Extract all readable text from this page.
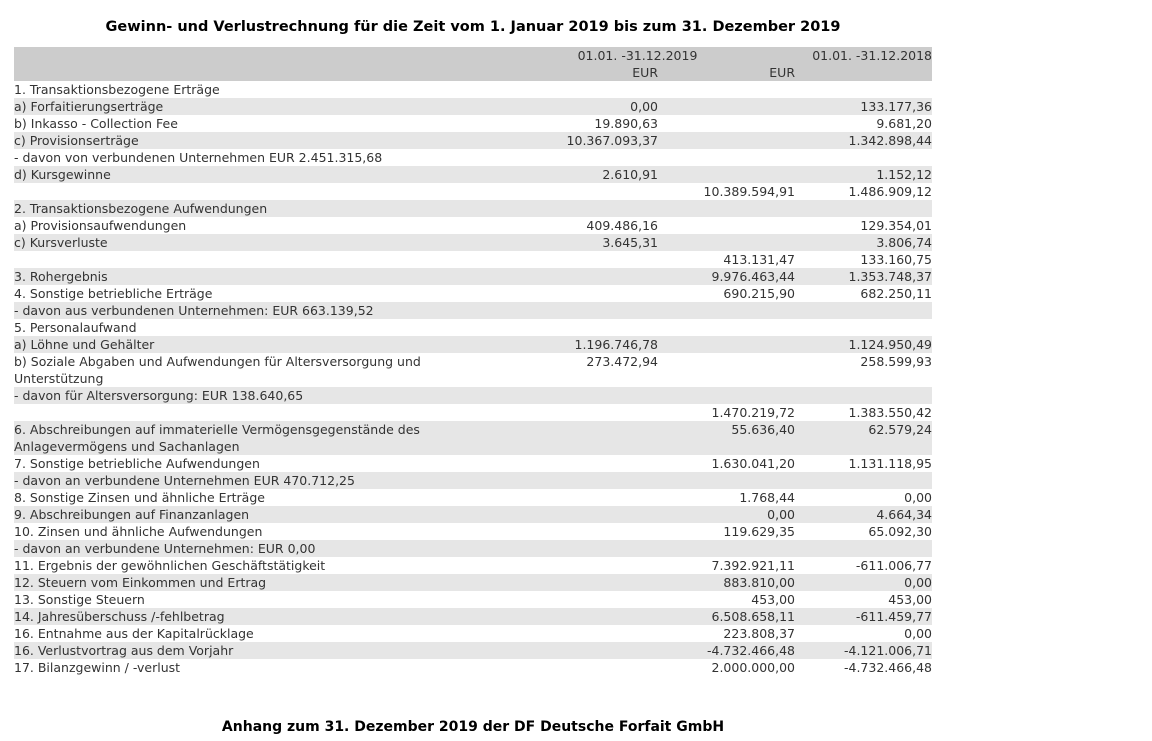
Gewinn- und Verlustrechnung für die Zeit vom 1. Januar 2019 bis zum 31. Dezember 2019
	01.01. -31.12.2019		01.01. -31.12.2018
	EUR	EUR	
1. Transaktionsbezogene Erträge			
a) Forfaitierungserträge	0,00		133.177,36
b) Inkasso - Collection Fee	19.890,63		9.681,20
c) Provisionserträge	10.367.093,37		1.342.898,44
- davon von verbundenen Unternehmen EUR 2.451.315,68			
d) Kursgewinne	2.610,91		1.152,12
		10.389.594,91	1.486.909,12
2. Transaktionsbezogene Aufwendungen			
a) Provisionsaufwendungen	409.486,16		129.354,01
c) Kursverluste	3.645,31		3.806,74
		413.131,47	133.160,75
3. Rohergebnis		9.976.463,44	1.353.748,37
4. Sonstige betriebliche Erträge		690.215,90	682.250,11
- davon aus verbundenen Unternehmen: EUR 663.139,52			
5. Personalaufwand			
a) Löhne und Gehälter	1.196.746,78		1.124.950,49
b) Soziale Abgaben und Aufwendungen für Altersversorgung und Unterstützung	273.472,94		258.599,93
- davon für Altersversorgung: EUR 138.640,65			
		1.470.219,72	1.383.550,42
6. Abschreibungen auf immaterielle Vermögensgegenstände des Anlagevermögens und Sachanlagen		55.636,40	62.579,24
7. Sonstige betriebliche Aufwendungen		1.630.041,20	1.131.118,95
- davon an verbundene Unternehmen EUR 470.712,25			
8. Sonstige Zinsen und ähnliche Erträge		1.768,44	0,00
9. Abschreibungen auf Finanzanlagen		0,00	4.664,34
10. Zinsen und ähnliche Aufwendungen		119.629,35	65.092,30
- davon an verbundene Unternehmen: EUR 0,00			
11. Ergebnis der gewöhnlichen Geschäftstätigkeit		7.392.921,11	-611.006,77
12. Steuern vom Einkommen und Ertrag		883.810,00	0,00
13. Sonstige Steuern		453,00	453,00
14. Jahresüberschuss /-fehlbetrag		6.508.658,11	-611.459,77
16. Entnahme aus der Kapitalrücklage		223.808,37	0,00
16. Verlustvortrag aus dem Vorjahr		-4.732.466,48	-4.121.006,71
17. Bilanzgewinn / -verlust		2.000.000,00	-4.732.466,48
Anhang zum 31. Dezember 2019 der DF Deutsche Forfait GmbH
